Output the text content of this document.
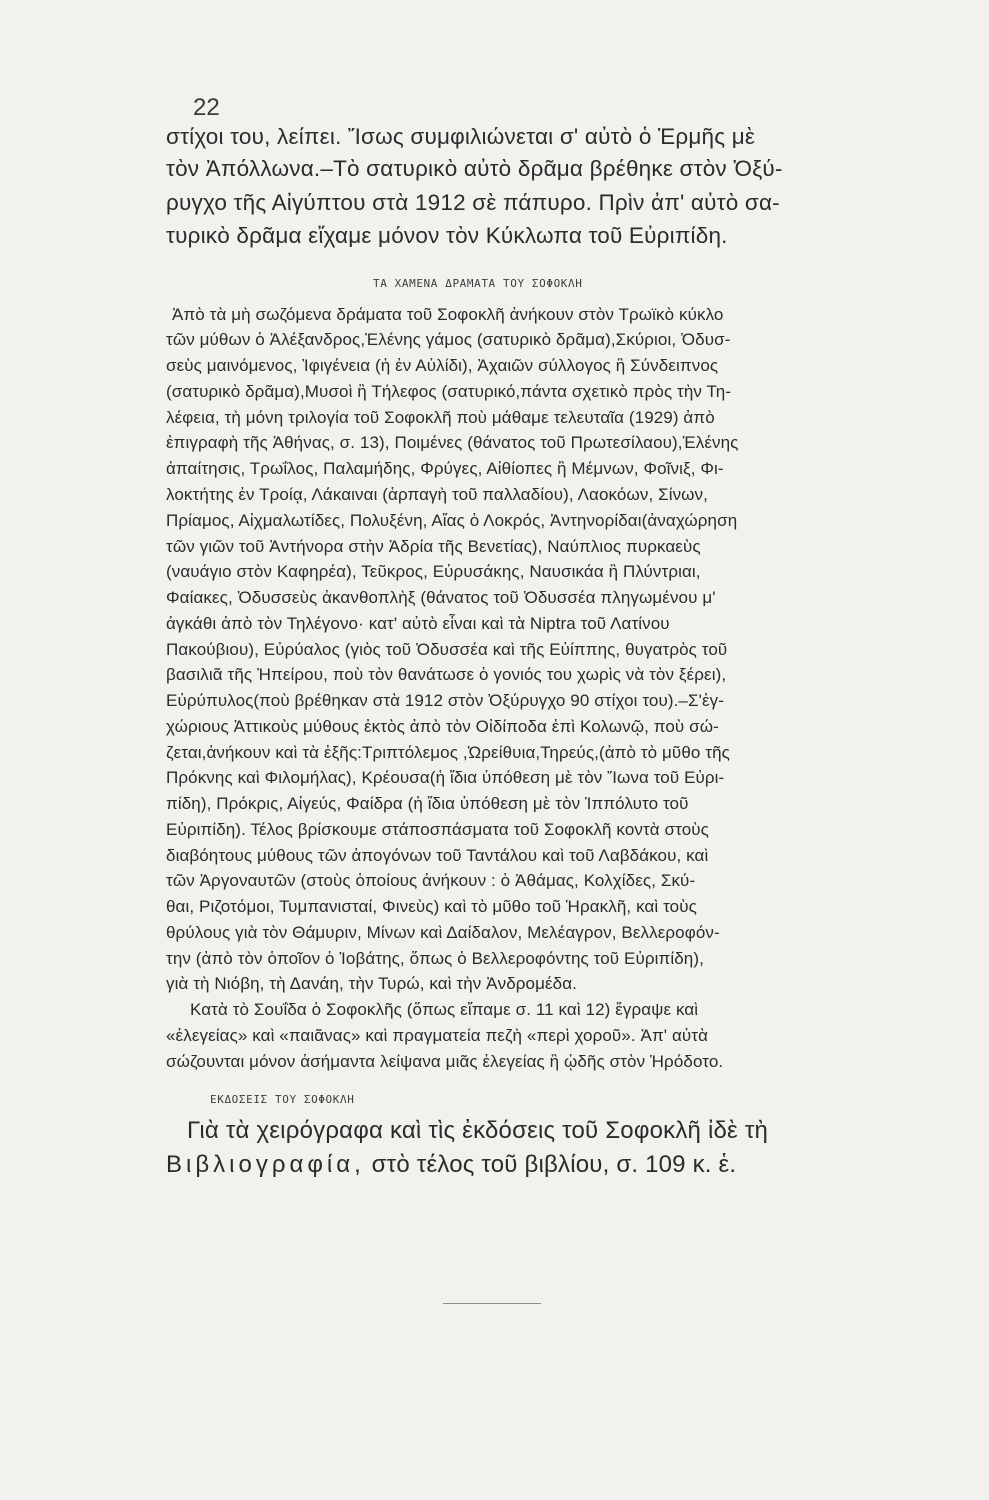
22
στίχοι του, λείπει. Ἴσως συμφιλιώνεται σ' αὐτὸ ὁ Ἑρμῆς μὲ
τὸν Ἀπόλλωνα.–Τὸ σατυρικὸ αὐτὸ δρᾶμα βρέθηκε στὸν Ὀξύ-
ρυγχο τῆς Αἰγύπτου στὰ 1912 σὲ πάπυρο. Πρὶν ἀπ' αὐτὸ σα-
τυρικὸ δρᾶμα εἴχαμε μόνον τὸν Κύκλωπα τοῦ Εὐριπίδη.
ΤΑ ΧΑΜΕΝΑ ΔΡΑΜΑΤΑ ΤΟΥ ΣΟΦΟΚΛΗ
Ἀπὸ τὰ μὴ σωζόμενα δράματα τοῦ Σοφοκλῆ ἀνήκουν στὸν Τρωϊκὸ κύκλο
τῶν μύθων ὁ Ἀλέξανδρος,Ἑλένης γάμος (σατυρικὸ δρᾶμα),Σκύριοι, Ὀδυσ-
σεὺς μαινόμενος, Ἰφιγένεια (ἡ ἐν Αὐλίδι), Ἀχαιῶν σύλλογος ἢ Σύνδειπνος
(σατυρικὸ δρᾶμα),Μυσοὶ ἢ Τήλεφος (σατυρικό,πάντα σχετικὸ πρὸς τὴν Τη-
λέφεια, τὴ μόνη τριλογία τοῦ Σοφοκλῆ ποὺ μάθαμε τελευταῖα (1929) ἀπὸ
ἐπιγραφὴ τῆς Ἀθήνας, σ. 13), Ποιμένες (θάνατος τοῦ Πρωτεσίλαου),Ἑλένης
ἀπαίτησις, Τρωΐλος, Παλαμήδης, Φρύγες, Αἰθίοπες ἢ Μέμνων, Φοῖνιξ, Φι-
λοκτήτης ἐν Τροίᾳ, Λάκαιναι (ἁρπαγὴ τοῦ παλλαδίου), Λαοκόων, Σίνων,
Πρίαμος, Αἰχμαλωτίδες, Πολυξένη, Αἴας ὁ Λοκρός, Ἀντηνορίδαι(ἀναχώρηση
τῶν γιῶν τοῦ Ἀντήνορα στὴν Ἀδρία τῆς Βενετίας), Ναύπλιος πυρκαεὺς
(ναυάγιο στὸν Καφηρέα), Τεῦκρος, Εὐρυσάκης, Ναυσικάα ἢ Πλύντριαι,
Φαίακες, Ὀδυσσεὺς ἀκανθοπλὴξ (θάνατος τοῦ Ὀδυσσέα πληγωμένου μ'
ἀγκάθι ἀπὸ τὸν Τηλέγονο· κατ' αὐτὸ εἶναι καὶ τὰ Niptra τοῦ Λατίνου
Πακούβιου), Εὐρύαλος (γιὸς τοῦ Ὀδυσσέα καὶ τῆς Εὐίππης, θυγατρὸς τοῦ
βασιλιᾶ τῆς Ἠπείρου, ποὺ τὸν θανάτωσε ὁ γονιός του χωρὶς νὰ τὸν ξέρει),
Εὐρύπυλος(ποὺ βρέθηκαν στὰ 1912 στὸν Ὀξύρυγχο 90 στίχοι του).–Σ'ἐγ-
χώριους Ἀττικοὺς μύθους ἐκτὸς ἀπὸ τὸν Οἰδίποδα ἐπὶ Κολωνῷ, ποὺ σώ-
ζεται,ἀνήκουν καὶ τὰ ἑξῆς:Τριπτόλεμος ,Ὠρείθυια,Τηρεύς,(ἀπὸ τὸ μῦθο τῆς
Πρόκνης καὶ Φιλομήλας), Κρέουσα(ἡ ἴδια ὑπόθεση μὲ τὸν Ἴωνα τοῦ Εὐρι-
πίδη), Πρόκρις, Αἰγεύς, Φαίδρα (ἡ ἴδια ὑπόθεση μὲ τὸν Ἱππόλυτο τοῦ
Εὐριπίδη). Τέλος βρίσκουμε στάποσπάσματα τοῦ Σοφοκλῆ κοντὰ στοὺς
διαβόητους μύθους τῶν ἀπογόνων τοῦ Ταντάλου καὶ τοῦ Λαβδάκου, καὶ
τῶν Ἀργοναυτῶν (στοὺς ὁποίους ἀνήκουν : ὁ Ἀθάμας, Κολχίδες, Σκύ-
θαι, Ριζοτόμοι, Τυμπανισταί, Φινεὺς) καὶ τὸ μῦθο τοῦ Ἡρακλῆ, καὶ τοὺς
θρύλους γιὰ τὸν Θάμυριν, Μίνων καὶ Δαίδαλον, Μελέαγρον, Βελλεροφόν-
την (ἀπὸ τὸν ὁποῖον ὁ Ἰοβάτης, ὅπως ὁ Βελλεροφόντης τοῦ Εὐριπίδη),
γιὰ τὴ Νιόβη, τὴ Δανάη, τὴν Τυρώ, καὶ τὴν Ἀνδρομέδα.
Κατὰ τὸ Σουΐδα ὁ Σοφοκλῆς (ὅπως εἴπαμε σ. 11 καὶ 12) ἔγραψε καὶ
«ἐλεγείας» καὶ «παιᾶνας» καὶ πραγματεία πεζὴ «περὶ χοροῦ». Ἀπ' αὐτὰ
σώζουνται μόνον ἀσήμαντα λείψανα μιᾶς ἐλεγείας ἢ ᾠδῆς στὸν Ἡρόδοτο.
ΕΚΔΟΣΕΙΣ ΤΟΥ ΣΟΦΟΚΛΗ
Γιὰ τὰ χειρόγραφα καὶ τὶς ἐκδόσεις τοῦ Σοφοκλῆ ἰδὲ τὴ
Βιβλιογραφία, στὸ τέλος τοῦ βιβλίου, σ. 109 κ. ἑ.
